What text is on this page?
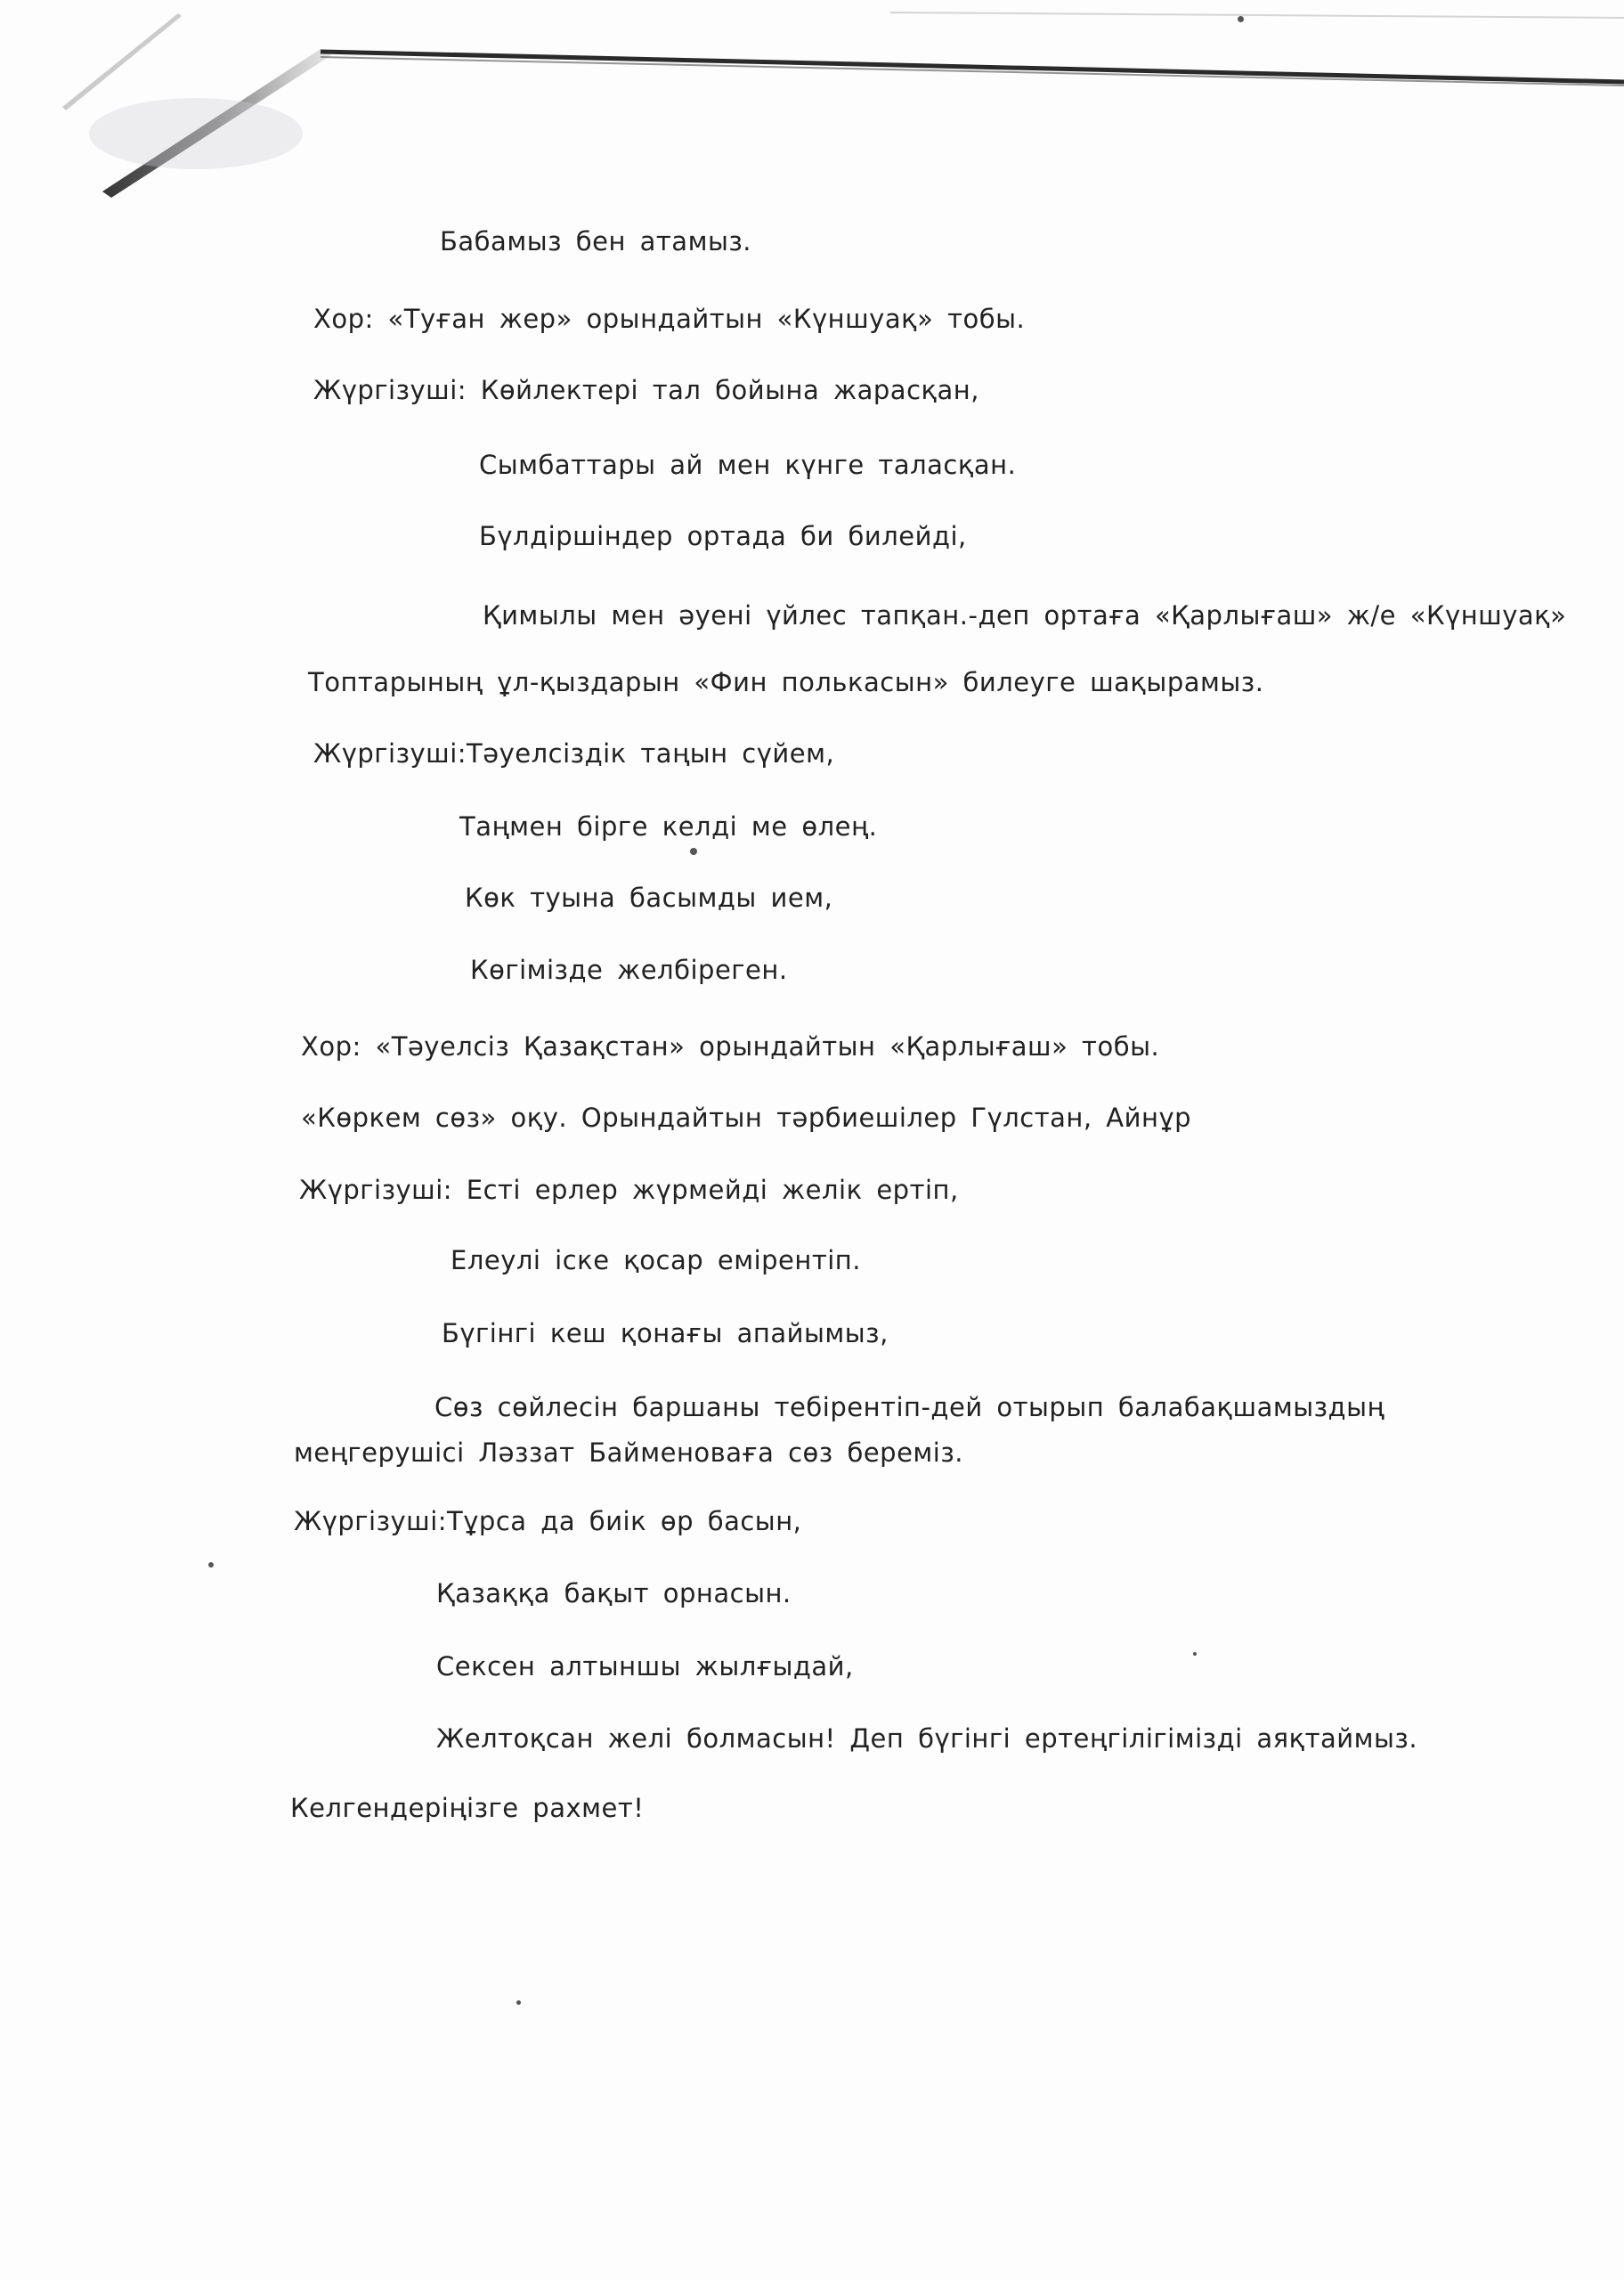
Бабамыз бен атамыз.
Хор: «Туған жер» орындайтын «Күншуақ» тобы.
Жүргізуші: Көйлектері тал бойына жарасқан,
Сымбаттары ай мен күнге таласқан.
Бүлдіршіндер ортада би билейді,
Қимылы мен әуені үйлес тапқан.-деп ортаға «Қарлығаш» ж/е «Күншуақ»
Топтарының ұл-қыздарын «Фин полькасын» билеуге шақырамыз.
Жүргізуші:Тәуелсіздік таңын сүйем,
Таңмен бірге келді ме өлең.
Көк туына басымды ием,
Көгімізде желбіреген.
Хор: «Тәуелсіз Қазақстан» орындайтын «Қарлығаш» тобы.
«Көркем сөз» оқу. Орындайтын тәрбиешілер Гүлстан, Айнұр
Жүргізуші: Есті ерлер жүрмейді желік ертіп,
Елеулі іске қосар емірентіп.
Бүгінгі кеш қонағы апайымыз,
Сөз сөйлесін баршаны тебірентіп-дей отырып балабақшамыздың
меңгерушісі Ләззат Байменоваға сөз береміз.
Жүргізуші:Тұрса да биік өр басын,
Қазаққа бақыт орнасын.
Сексен алтыншы жылғыдай,
Желтоқсан желі болмасын! Деп бүгінгі ертеңгілігімізді аяқтаймыз.
Келгендеріңізге рахмет!
